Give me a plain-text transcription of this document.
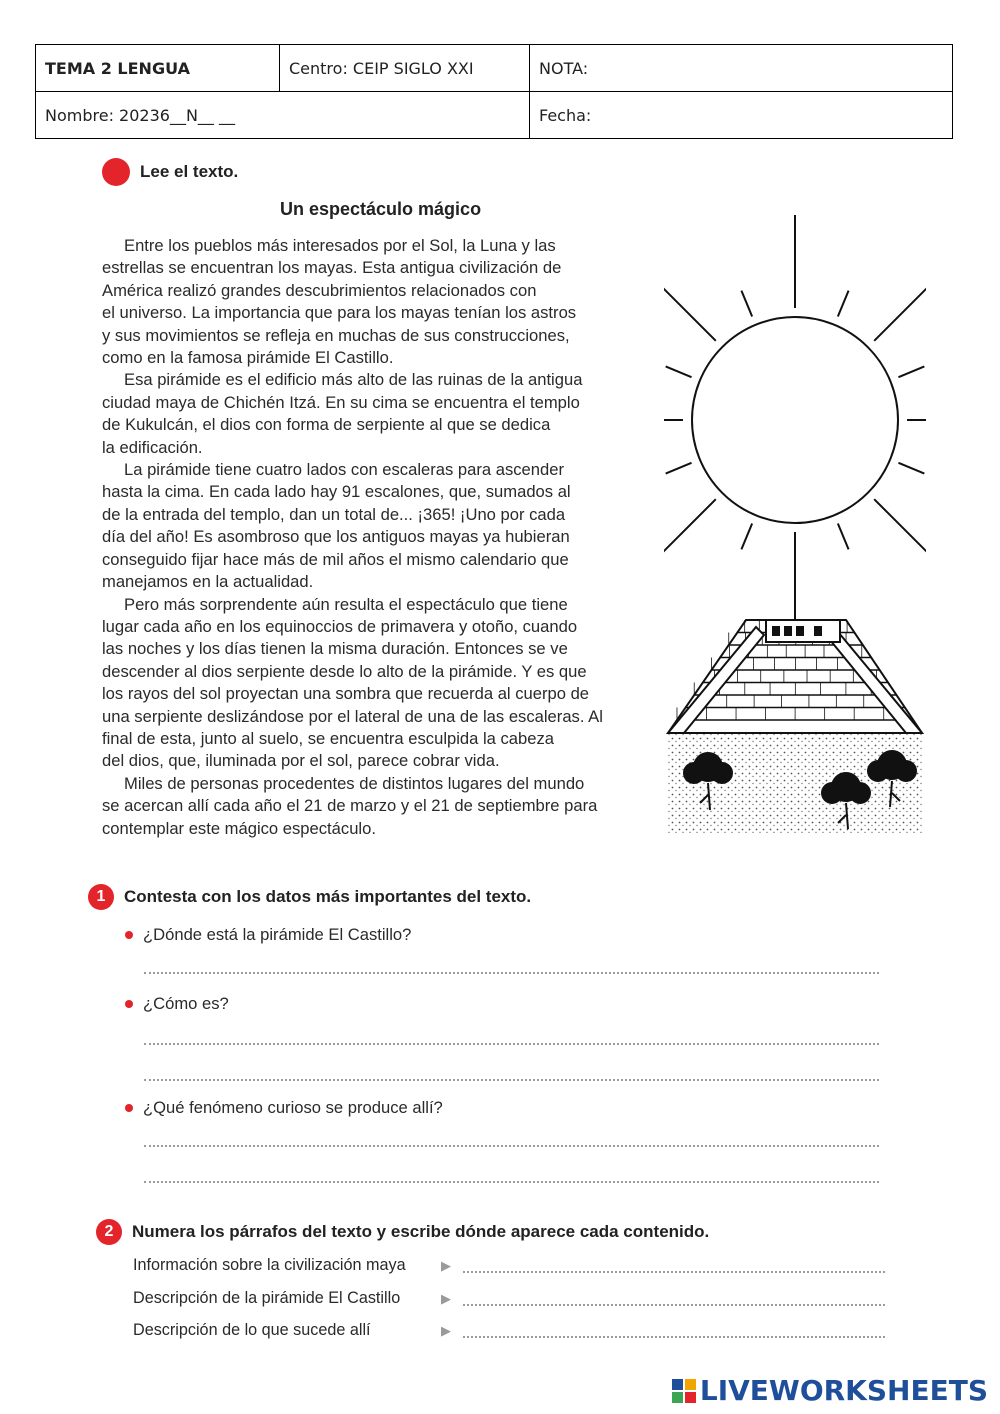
TEMA 2 LENGUA	Centro: CEIP SIGLO XXI	NOTA:
Nombre: 20236__N__ __		Fecha:
Lee el texto.
Un espectáculo mágico
Entre los pueblos más interesados por el Sol, la Luna y las
estrellas se encuentran los mayas. Esta antigua civilización de
América realizó grandes descubrimientos relacionados con
el universo. La importancia que para los mayas tenían los astros
y sus movimientos se refleja en muchas de sus construcciones,
como en la famosa pirámide El Castillo.
Esa pirámide es el edificio más alto de las ruinas de la antigua
ciudad maya de Chichén Itzá. En su cima se encuentra el templo
de Kukulcán, el dios con forma de serpiente al que se dedica
la edificación.
La pirámide tiene cuatro lados con escaleras para ascender
hasta la cima. En cada lado hay 91 escalones, que, sumados al
de la entrada del templo, dan un total de... ¡365! ¡Uno por cada
día del año! Es asombroso que los antiguos mayas ya hubieran
conseguido fijar hace más de mil años el mismo calendario que
manejamos en la actualidad.
Pero más sorprendente aún resulta el espectáculo que tiene
lugar cada año en los equinoccios de primavera y otoño, cuando
las noches y los días tienen la misma duración. Entonces se ve
descender al dios serpiente desde lo alto de la pirámide. Y es que
los rayos del sol proyectan una sombra que recuerda al cuerpo de
una serpiente deslizándose por el lateral de una de las escaleras. Al
final de esta, junto al suelo, se encuentra esculpida la cabeza
del dios, que, iluminada por el sol, parece cobrar vida.
Miles de personas procedentes de distintos lugares del mundo
se acercan allí cada año el 21 de marzo y el 21 de septiembre para
contemplar este mágico espectáculo.
1	Contesta con los datos más importantes del texto.
¿Dónde está la pirámide El Castillo?
¿Cómo es?
¿Qué fenómeno curioso se produce allí?
2	Numera los párrafos del texto y escribe dónde aparece cada contenido.
Información sobre la civilización maya	▶
Descripción de la pirámide El Castillo	▶
Descripción de lo que sucede allí	▶
LIVEWORKSHEETS
